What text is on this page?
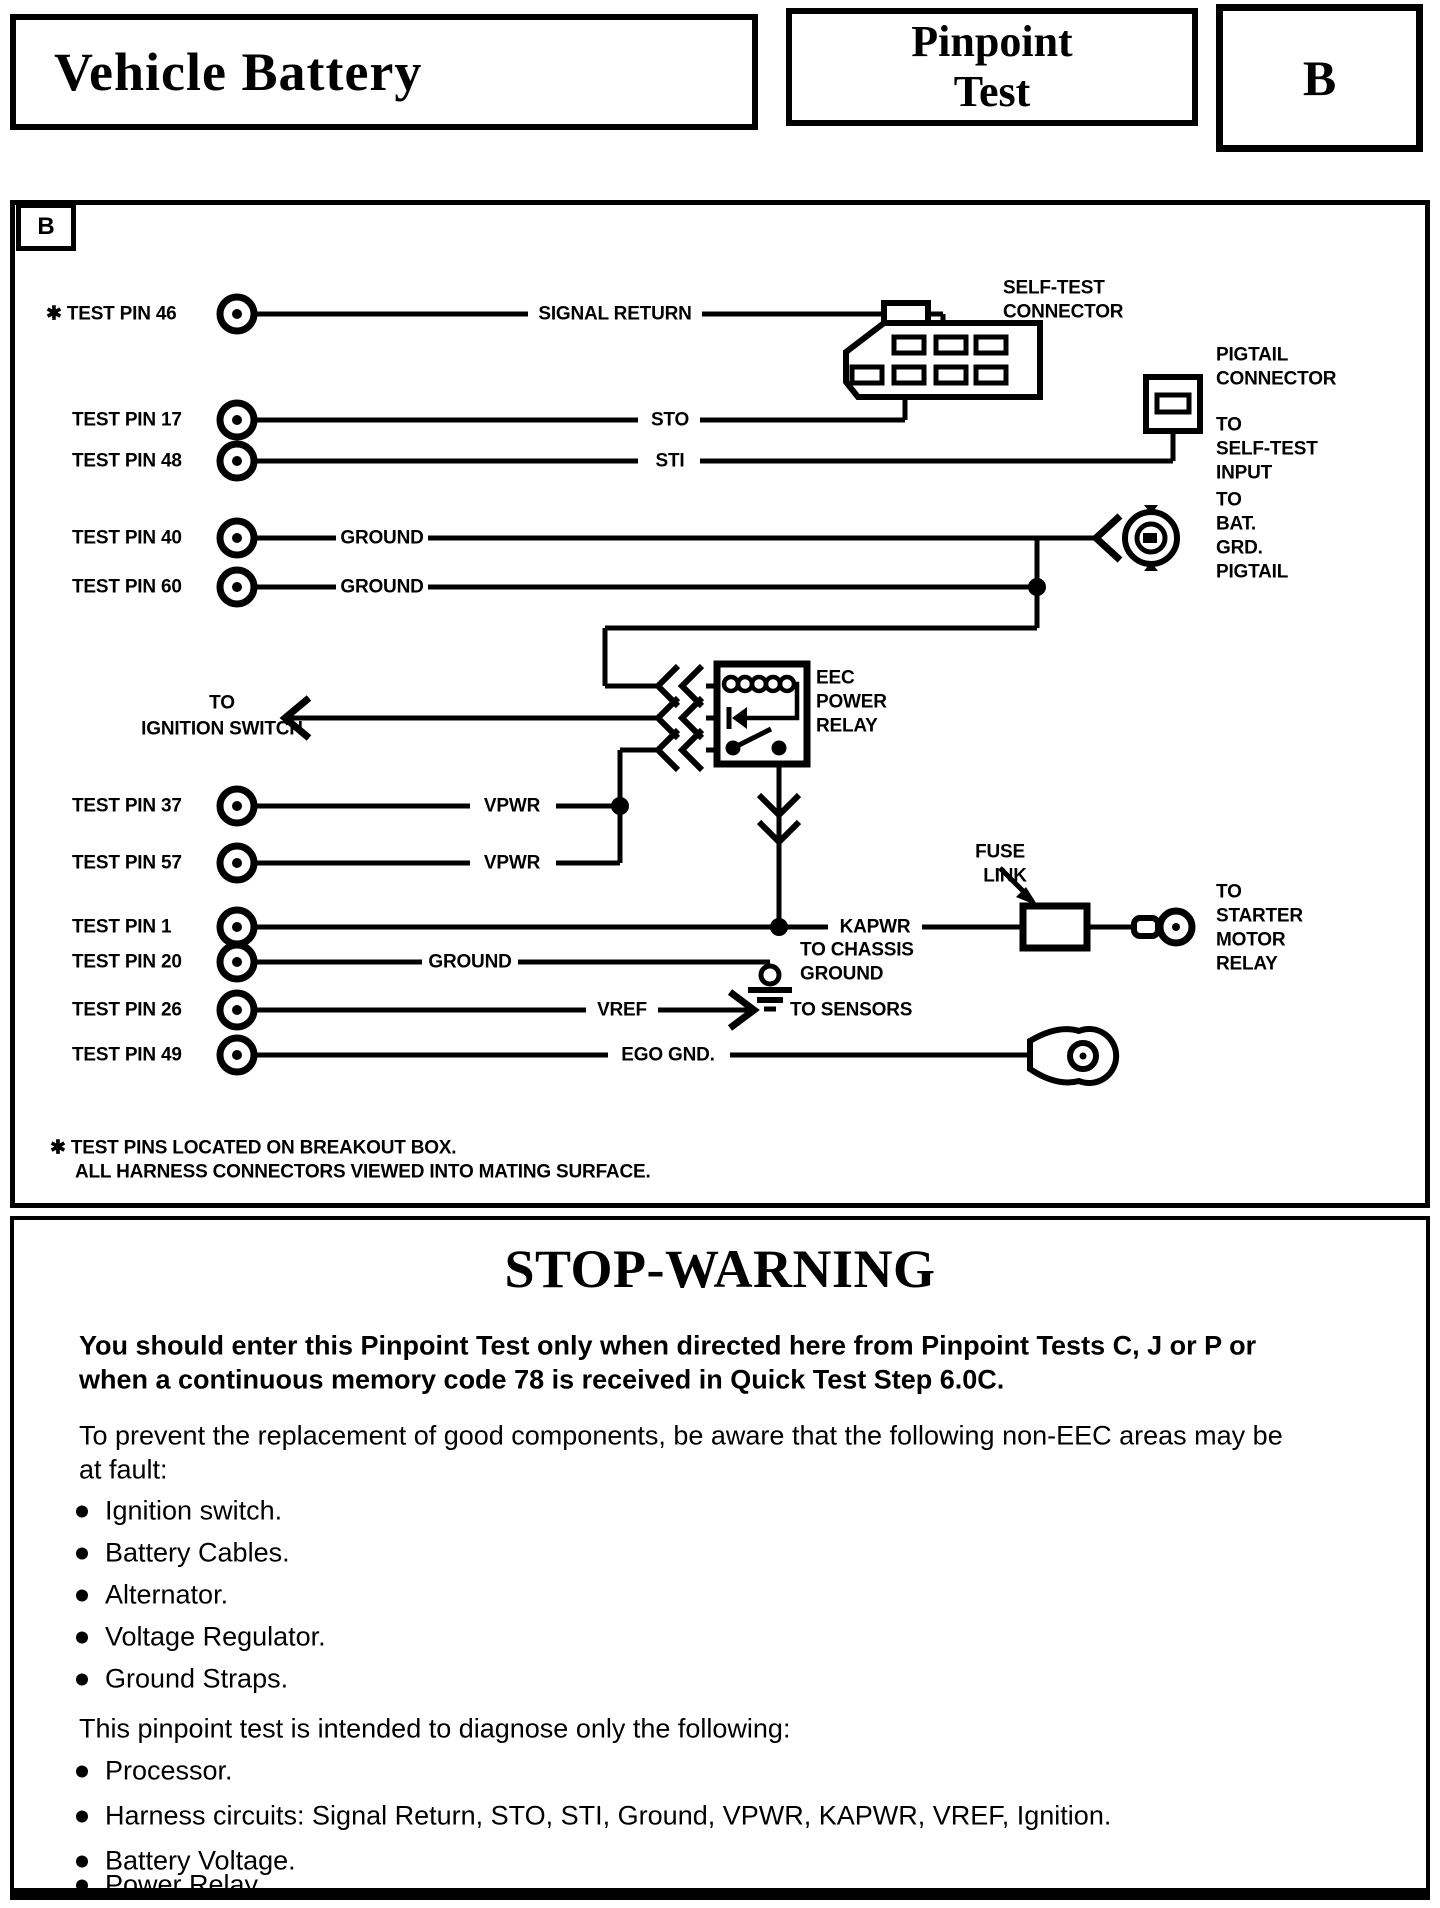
Vehicle Battery
Pinpoint
Test	B
B
✱ TEST PIN 46
TEST PIN 17
TEST PIN 48
TEST PIN 40
TEST PIN 60
TEST PIN 37
TEST PIN 57
TEST PIN 1
TEST PIN 20
TEST PIN 26
TEST PIN 49
SIGNAL RETURN
STO
STI
GROUND
GROUND
VPWR
VPWR
KAPWR
GROUND
VREF
EGO GND.
SELF-TEST
CONNECTOR
PIGTAIL
CONNECTOR
TO
SELF-TEST
INPUT
TO
BAT.
GRD.
PIGTAIL
TO
IGNITION SWITCH
EEC
POWER
RELAY
FUSE
LINK
TO
STARTER
MOTOR
RELAY
TO CHASSIS
GROUND
TO SENSORS
✱ TEST PINS LOCATED ON BREAKOUT BOX.
ALL HARNESS CONNECTORS VIEWED INTO MATING SURFACE.
STOP-WARNING
You should enter this Pinpoint Test only when directed here from Pinpoint Tests C, J or P or
when a continuous memory code 78 is received in Quick Test Step 6.0C.
To prevent the replacement of good components, be aware that the following non-EEC areas may be
at fault:
Ignition switch.
Battery Cables.
Alternator.
Voltage Regulator.
Ground Straps.
This pinpoint test is intended to diagnose only the following:
Processor.
Harness circuits: Signal Return, STO, STI, Ground, VPWR, KAPWR, VREF, Ignition.
Battery Voltage.
Power Relay.
